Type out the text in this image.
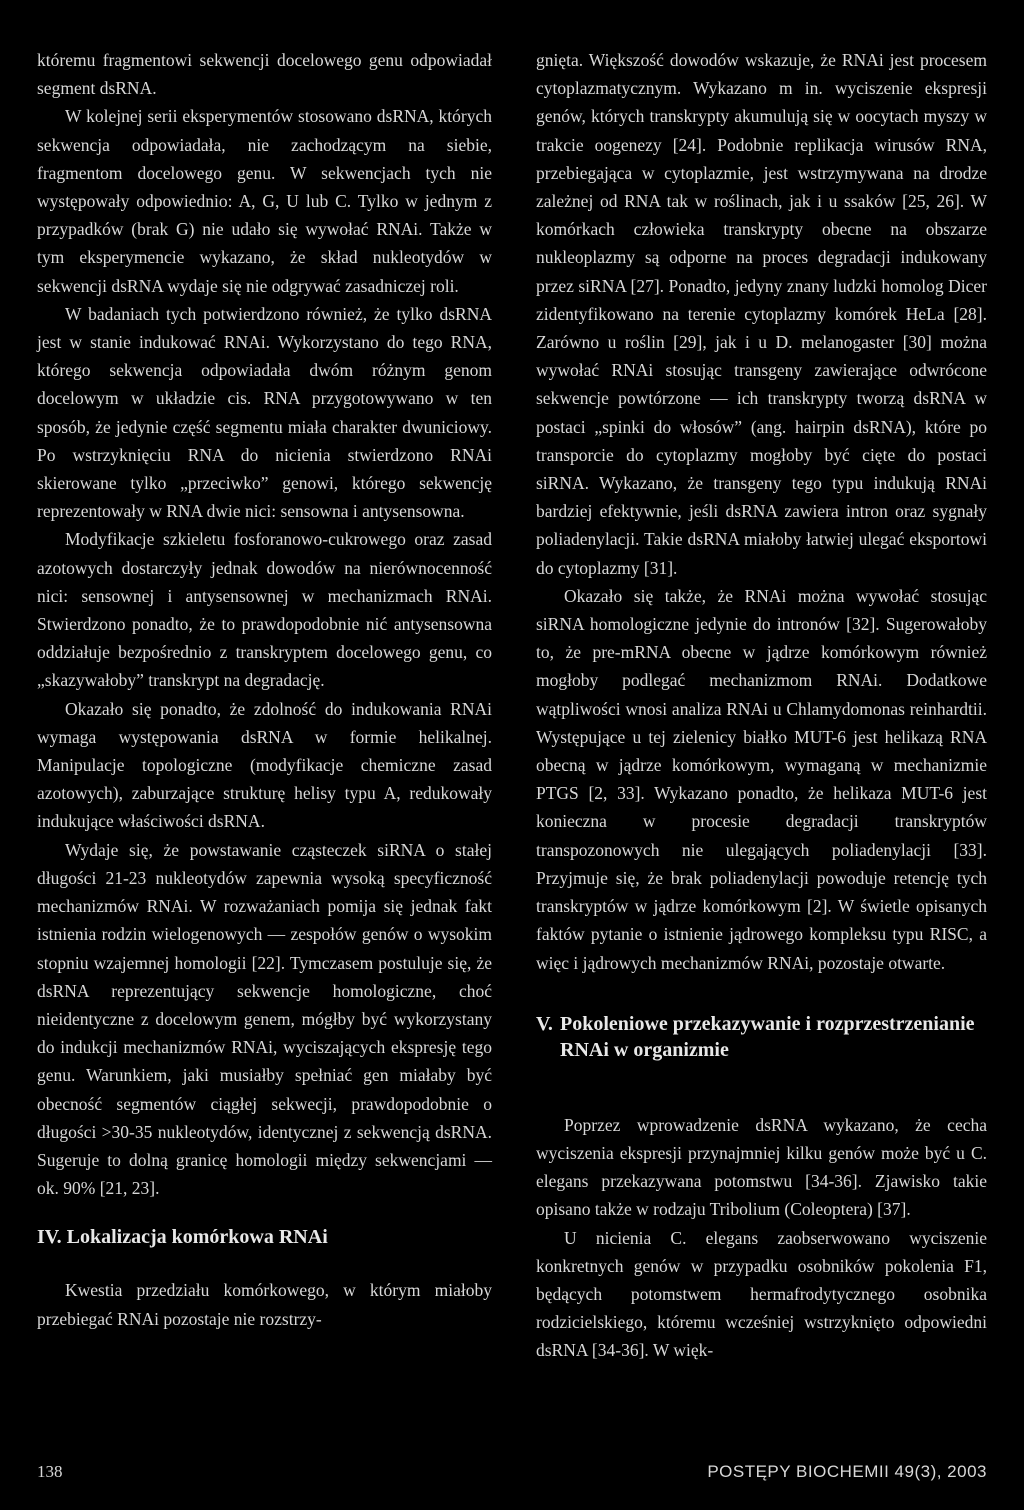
któremu fragmentowi sekwencji docelowego genu odpowiadał segment dsRNA.

W kolejnej serii eksperymentów stosowano dsRNA, których sekwencja odpowiadała, nie zachodzącym na siebie, fragmentom docelowego genu. W sekwencjach tych nie występowały odpowiednio: A, G, U lub C. Tylko w jednym z przypadków (brak G) nie udało się wywołać RNAi. Także w tym eksperymencie wykazano, że skład nukleotydów w sekwencji dsRNA wydaje się nie odgrywać zasadniczej roli.

W badaniach tych potwierdzono również, że tylko dsRNA jest w stanie indukować RNAi. Wykorzystano do tego RNA, którego sekwencja odpowiadała dwóm różnym genom docelowym w układzie cis. RNA przygotowywano w ten sposób, że jedynie część segmentu miała charakter dwuniciowy. Po wstrzyknięciu RNA do nicienia stwierdzono RNAi skierowane tylko „przeciwko” genowi, którego sekwencję reprezentowały w RNA dwie nici: sensowna i antysensowna.

Modyfikacje szkieletu fosforanowo-cukrowego oraz zasad azotowych dostarczyły jednak dowodów na nierównocenność nici: sensownej i antysensownej w mechanizmach RNAi. Stwierdzono ponadto, że to prawdopodobnie nić antysensowna oddziałuje bezpośrednio z transkryptem docelowego genu, co „skazywałoby” transkrypt na degradację.

Okazało się ponadto, że zdolność do indukowania RNAi wymaga występowania dsRNA w formie helikalnej. Manipulacje topologiczne (modyfikacje chemiczne zasad azotowych), zaburzające strukturę helisy typu A, redukowały indukujące właściwości dsRNA.

Wydaje się, że powstawanie cząsteczek siRNA o stałej długości 21-23 nukleotydów zapewnia wysoką specyficzność mechanizmów RNAi. W rozważaniach pomija się jednak fakt istnienia rodzin wielogenowych — zespołów genów o wysokim stopniu wzajemnej homologii [22]. Tymczasem postuluje się, że dsRNA reprezentujący sekwencje homologiczne, choć nieidentyczne z docelowym genem, mógłby być wykorzystany do indukcji mechanizmów RNAi, wyciszających ekspresję tego genu. Warunkiem, jaki musiałby spełniać gen miałaby być obecność segmentów ciągłej sekwecji, prawdopodobnie o długości >30-35 nukleotydów, identycznej z sekwencją dsRNA. Sugeruje to dolną granicę homologii między sekwencjami — ok. 90% [21, 23].

IV. Lokalizacja komórkowa RNAi

Kwestia przedziału komórkowego, w którym miałoby przebiegać RNAi pozostaje nie rozstrzy-

gnięta. Większość dowodów wskazuje, że RNAi jest procesem cytoplazmatycznym. Wykazano m in. wyciszenie ekspresji genów, których transkrypty akumulują się w oocytach myszy w trakcie oogenezy [24]. Podobnie replikacja wirusów RNA, przebiegająca w cytoplazmie, jest wstrzymywana na drodze zależnej od RNA tak w roślinach, jak i u ssaków [25, 26]. W komórkach człowieka transkrypty obecne na obszarze nukleoplazmy są odporne na proces degradacji indukowany przez siRNA [27]. Ponadto, jedyny znany ludzki homolog Dicer zidentyfikowano na terenie cytoplazmy komórek HeLa [28]. Zarówno u roślin [29], jak i u D. melanogaster [30] można wywołać RNAi stosując transgeny zawierające odwrócone sekwencje powtórzone — ich transkrypty tworzą dsRNA w postaci „spinki do włosów” (ang. hairpin dsRNA), które po transporcie do cytoplazmy mogłoby być cięte do postaci siRNA. Wykazano, że transgeny tego typu indukują RNAi bardziej efektywnie, jeśli dsRNA zawiera intron oraz sygnały poliadenylacji. Takie dsRNA miałoby łatwiej ulegać eksportowi do cytoplazmy [31].

Okazało się także, że RNAi można wywołać stosując siRNA homologiczne jedynie do intronów [32]. Sugerowałoby to, że pre-mRNA obecne w jądrze komórkowym również mogłoby podlegać mechanizmom RNAi. Dodatkowe wątpliwości wnosi analiza RNAi u Chlamydomonas reinhardtii. Występujące u tej zielenicy białko MUT-6 jest helikazą RNA obecną w jądrze komórkowym, wymaganą w mechanizmie PTGS [2, 33]. Wykazano ponadto, że helikaza MUT-6 jest konieczna w procesie degradacji transkryptów transpozonowych nie ulegających poliadenylacji [33]. Przyjmuje się, że brak poliadenylacji powoduje retencję tych transkryptów w jądrze komórkowym [2]. W świetle opisanych faktów pytanie o istnienie jądrowego kompleksu typu RISC, a więc i jądrowych mechanizmów RNAi, pozostaje otwarte.

V. Pokoleniowe przekazywanie i rozprzestrzenianie RNAi w organizmie

Poprzez wprowadzenie dsRNA wykazano, że cecha wyciszenia ekspresji przynajmniej kilku genów może być u C. elegans przekazywana potomstwu [34-36]. Zjawisko takie opisano także w rodzaju Tribolium (Coleoptera) [37].

U nicienia C. elegans zaobserwowano wyciszenie konkretnych genów w przypadku osobników pokolenia F1, będących potomstwem hermafrodytycznego osobnika rodzicielskiego, któremu wcześniej wstrzyknięto odpowiedni dsRNA [34-36]. W więk-

138	POSTĘPY BIOCHEMII 49(3), 2003
